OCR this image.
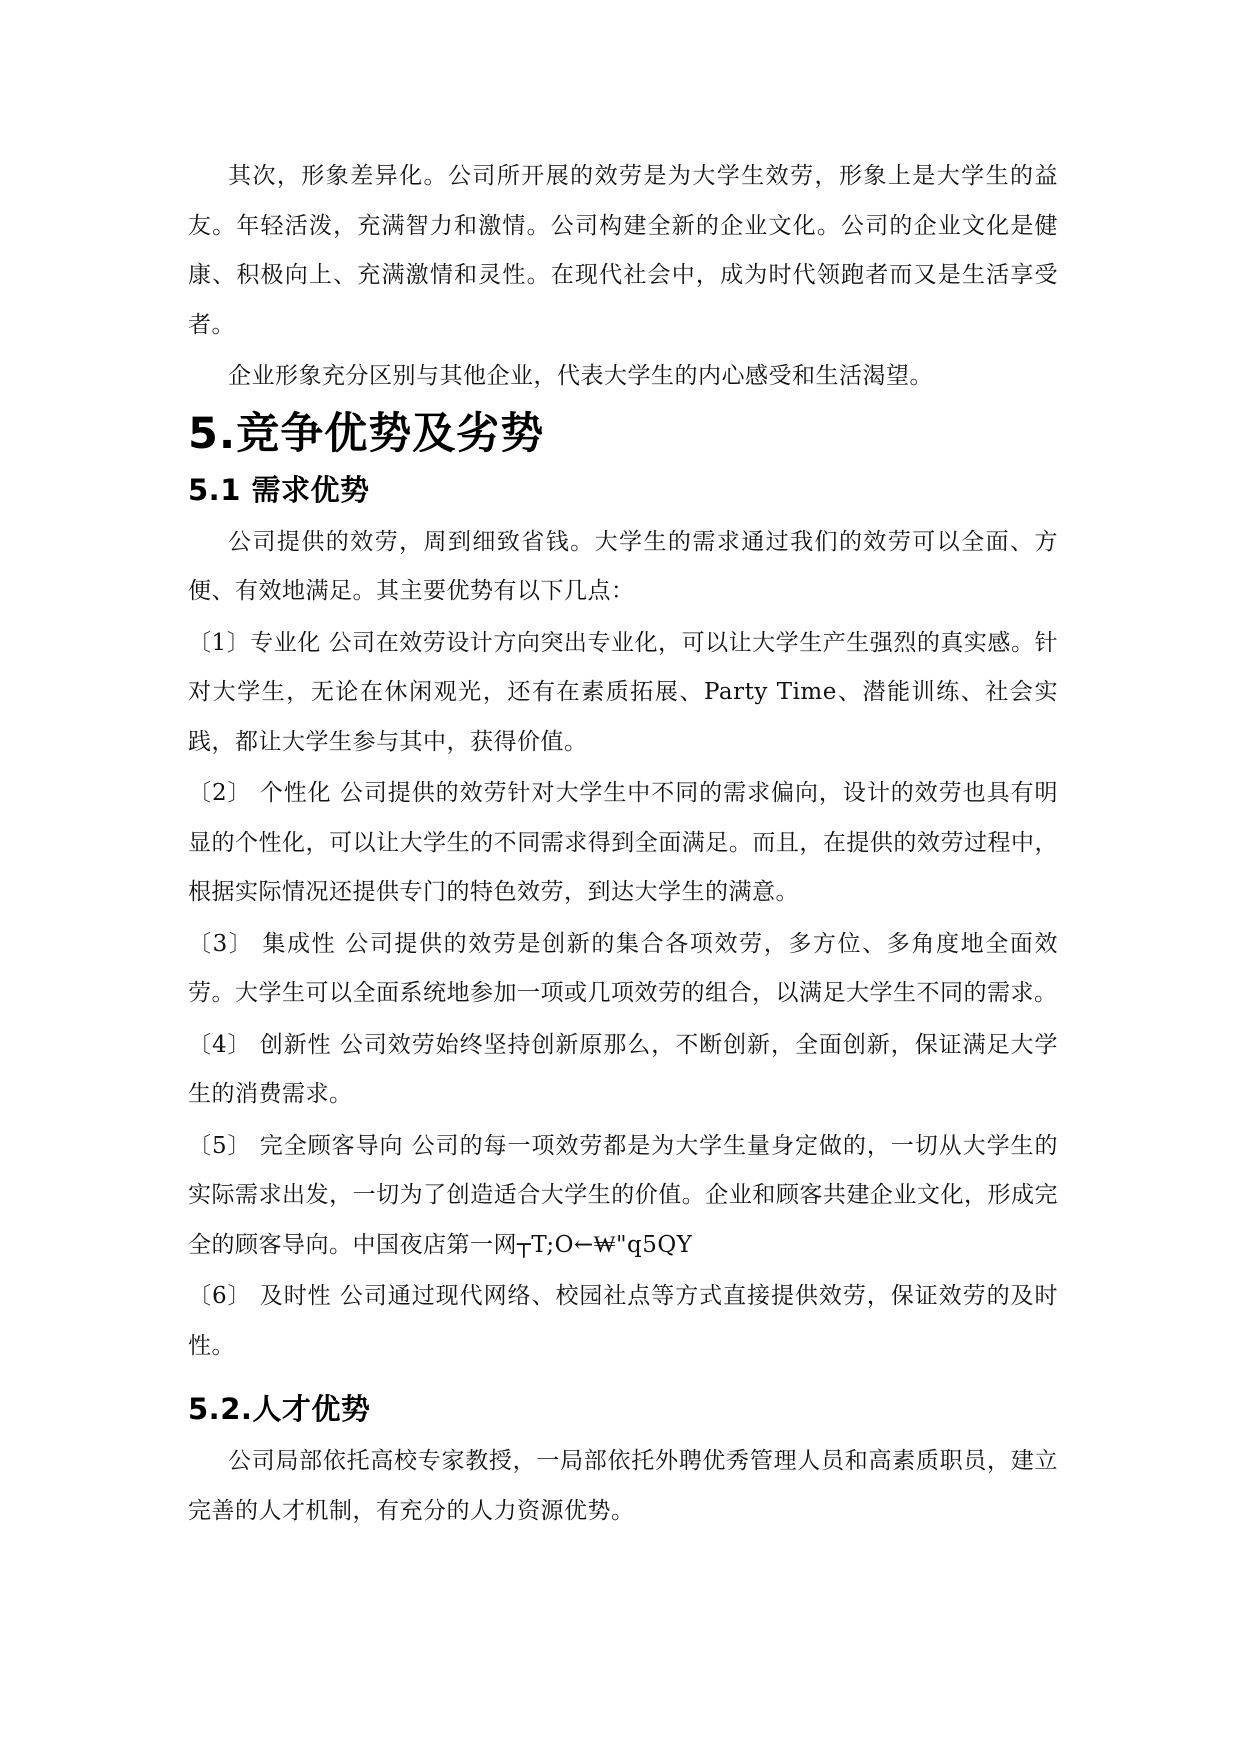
其次，形象差异化。公司所开展的效劳是为大学生效劳，形象上是大学生的益友。年轻活泼，充满智力和激情。公司构建全新的企业文化。公司的企业文化是健康、积极向上、充满激情和灵性。在现代社会中，成为时代领跑者而又是生活享受者。

企业形象充分区别与其他企业，代表大学生的内心感受和生活渴望。

5.竞争优势及劣势
5.1 需求优势

公司提供的效劳，周到细致省钱。大学生的需求通过我们的效劳可以全面、方便、有效地满足。其主要优势有以下几点：

〔1〕专业化 公司在效劳设计方向突出专业化，可以让大学生产生强烈的真实感。针对大学生，无论在休闲观光，还有在素质拓展、Party Time、潜能训练、社会实践，都让大学生参与其中，获得价值。

〔2〕 个性化 公司提供的效劳针对大学生中不同的需求偏向，设计的效劳也具有明显的个性化，可以让大学生的不同需求得到全面满足。而且，在提供的效劳过程中，根据实际情况还提供专门的特色效劳，到达大学生的满意。

〔3〕 集成性 公司提供的效劳是创新的集合各项效劳，多方位、多角度地全面效劳。大学生可以全面系统地参加一项或几项效劳的组合，以满足大学生不同的需求。

〔4〕 创新性 公司效劳始终坚持创新原那么，不断创新，全面创新，保证满足大学生的消费需求。

〔5〕 完全顾客导向 公司的每一项效劳都是为大学生量身定做的，一切从大学生的实际需求出发，一切为了创造适合大学生的价值。企业和顾客共建企业文化，形成完全的顾客导向。中国夜店第一网┬T;O←₩"q5QY

〔6〕 及时性 公司通过现代网络、校园社点等方式直接提供效劳，保证效劳的及时性。

5.2.人才优势

公司局部依托高校专家教授，一局部依托外聘优秀管理人员和高素质职员，建立完善的人才机制，有充分的人力资源优势。
